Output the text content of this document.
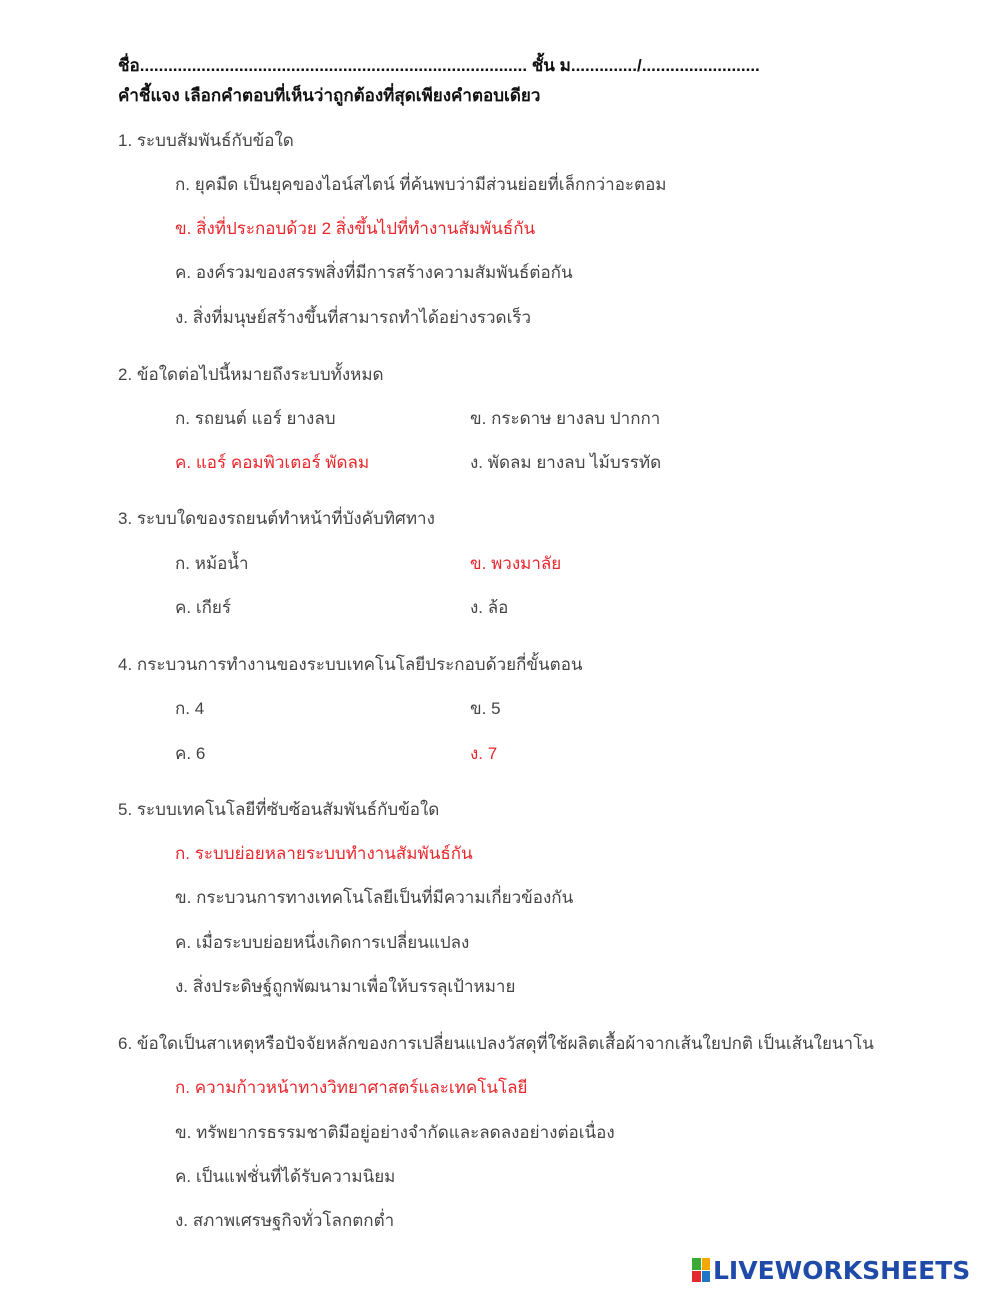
ชื่อ.................................................................................. ชั้น ม............../.........................
คำชี้แจง เลือกคำตอบที่เห็นว่าถูกต้องที่สุดเพียงคำตอบเดียว
1. ระบบสัมพันธ์กับข้อใด
ก. ยุคมืด เป็นยุคของไอน์สไตน์ ที่ค้นพบว่ามีส่วนย่อยที่เล็กกว่าอะตอม
ข. สิ่งที่ประกอบด้วย 2 สิ่งขึ้นไปที่ทำงานสัมพันธ์กัน
ค. องค์รวมของสรรพสิ่งที่มีการสร้างความสัมพันธ์ต่อกัน
ง. สิ่งที่มนุษย์สร้างขึ้นที่สามารถทำได้อย่างรวดเร็ว
2. ข้อใดต่อไปนี้หมายถึงระบบทั้งหมด
ก. รถยนต์ แอร์ ยางลบ	ข. กระดาษ ยางลบ ปากกา
ค. แอร์ คอมพิวเตอร์ พัดลม	ง. พัดลม ยางลบ ไม้บรรทัด
3. ระบบใดของรถยนต์ทำหน้าที่บังคับทิศทาง
ก. หม้อน้ำ	ข. พวงมาลัย
ค. เกียร์	ง. ล้อ
4. กระบวนการทำงานของระบบเทคโนโลยีประกอบด้วยกี่ขั้นตอน
ก. 4	ข. 5
ค. 6	ง. 7
5. ระบบเทคโนโลยีที่ซับซ้อนสัมพันธ์กับข้อใด
ก. ระบบย่อยหลายระบบทำงานสัมพันธ์กัน
ข. กระบวนการทางเทคโนโลยีเป็นที่มีความเกี่ยวข้องกัน
ค. เมื่อระบบย่อยหนึ่งเกิดการเปลี่ยนแปลง
ง. สิ่งประดิษฐ์ถูกพัฒนามาเพื่อให้บรรลุเป้าหมาย
6. ข้อใดเป็นสาเหตุหรือปัจจัยหลักของการเปลี่ยนแปลงวัสดุที่ใช้ผลิตเสื้อผ้าจากเส้นใยปกติ เป็นเส้นใยนาโน
ก. ความก้าวหน้าทางวิทยาศาสตร์และเทคโนโลยี
ข. ทรัพยากรธรรมชาติมีอยู่อย่างจำกัดและลดลงอย่างต่อเนื่อง
ค. เป็นแฟชั่นที่ได้รับความนิยม
ง. สภาพเศรษฐกิจทั่วโลกตกต่ำ
LIVEWORKSHEETS
